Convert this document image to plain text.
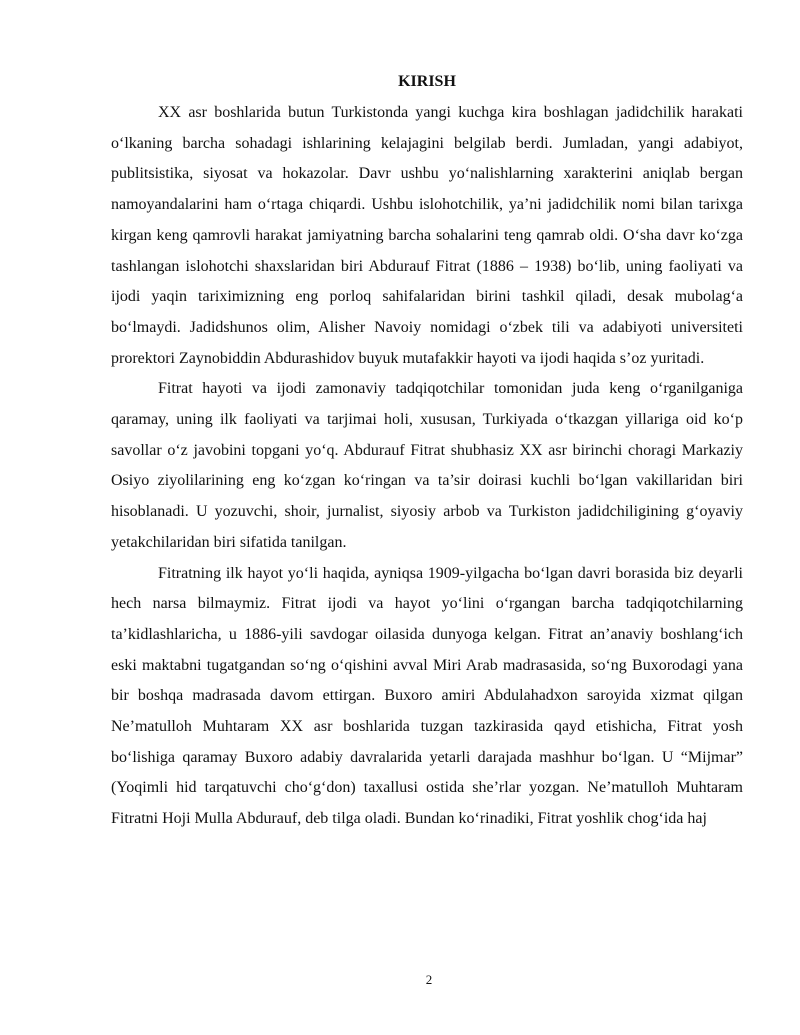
KIRISH

XX asr boshlarida butun Turkistonda yangi kuchga kira boshlagan jadidchilik harakati o‘lkaning barcha sohadagi ishlarining kelajagini belgilab berdi. Jumladan, yangi adabiyot, publitsistika, siyosat va hokazolar. Davr ushbu yo‘nalishlarning xarakterini aniqlab bergan namoyandalarini ham o‘rtaga chiqardi. Ushbu islohotchilik, ya’ni jadidchilik nomi bilan tarixga kirgan keng qamrovli harakat jamiyatning barcha sohalarini teng qamrab oldi. O‘sha davr ko‘zga tashlangan islohotchi shaxslaridan biri Abdurauf Fitrat (1886 – 1938) bo‘lib, uning faoliyati va ijodi yaqin tariximizning eng porloq sahifalaridan birini tashkil qiladi, desak mubolag‘a bo‘lmaydi. Jadidshunos olim, Alisher Navoiy nomidagi o‘zbek tili va adabiyoti universiteti prorektori Zaynobiddin Abdurashidov buyuk mutafakkir hayoti va ijodi haqida s’oz yuritadi.

Fitrat hayoti va ijodi zamonaviy tadqiqotchilar tomonidan juda keng o‘rganilganiga qaramay, uning ilk faoliyati va tarjimai holi, xususan, Turkiyada o‘tkazgan yillariga oid ko‘p savollar o‘z javobini topgani yo‘q. Abdurauf Fitrat shubhasiz XX asr birinchi choragi Markaziy Osiyo ziyolilarining eng ko‘zgan ko‘ringan va ta’sir doirasi kuchli bo‘lgan vakillaridan biri hisoblanadi. U yozuvchi, shoir, jurnalist, siyosiy arbob va Turkiston jadidchiligining g‘oyaviy yetakchilaridan biri sifatida tanilgan.

Fitratning ilk hayot yo‘li haqida, ayniqsa 1909-yilgacha bo‘lgan davri borasida biz deyarli hech narsa bilmaymiz. Fitrat ijodi va hayot yo‘lini o‘rgangan barcha tadqiqotchilarning ta’kidlashlaricha, u 1886-yili savdogar oilasida dunyoga kelgan. Fitrat an’anaviy boshlang‘ich eski maktabni tugatgandan so‘ng o‘qishini avval Miri Arab madrasasida, so‘ng Buxorodagi yana bir boshqa madrasada davom ettirgan. Buxoro amiri Abdulahadxon saroyida xizmat qilgan Ne’matulloh Muhtaram XX asr boshlarida tuzgan tazkirasida qayd etishicha, Fitrat yosh bo‘lishiga qaramay Buxoro adabiy davralarida yetarli darajada mashhur bo‘lgan. U “Mijmar” (Yoqimli hid tarqatuvchi cho‘g‘don) taxallusi ostida she’rlar yozgan. Ne’matulloh Muhtaram Fitratni Hoji Mulla Abdurauf, deb tilga oladi. Bundan ko‘rinadiki, Fitrat yoshlik chog‘ida haj

2
